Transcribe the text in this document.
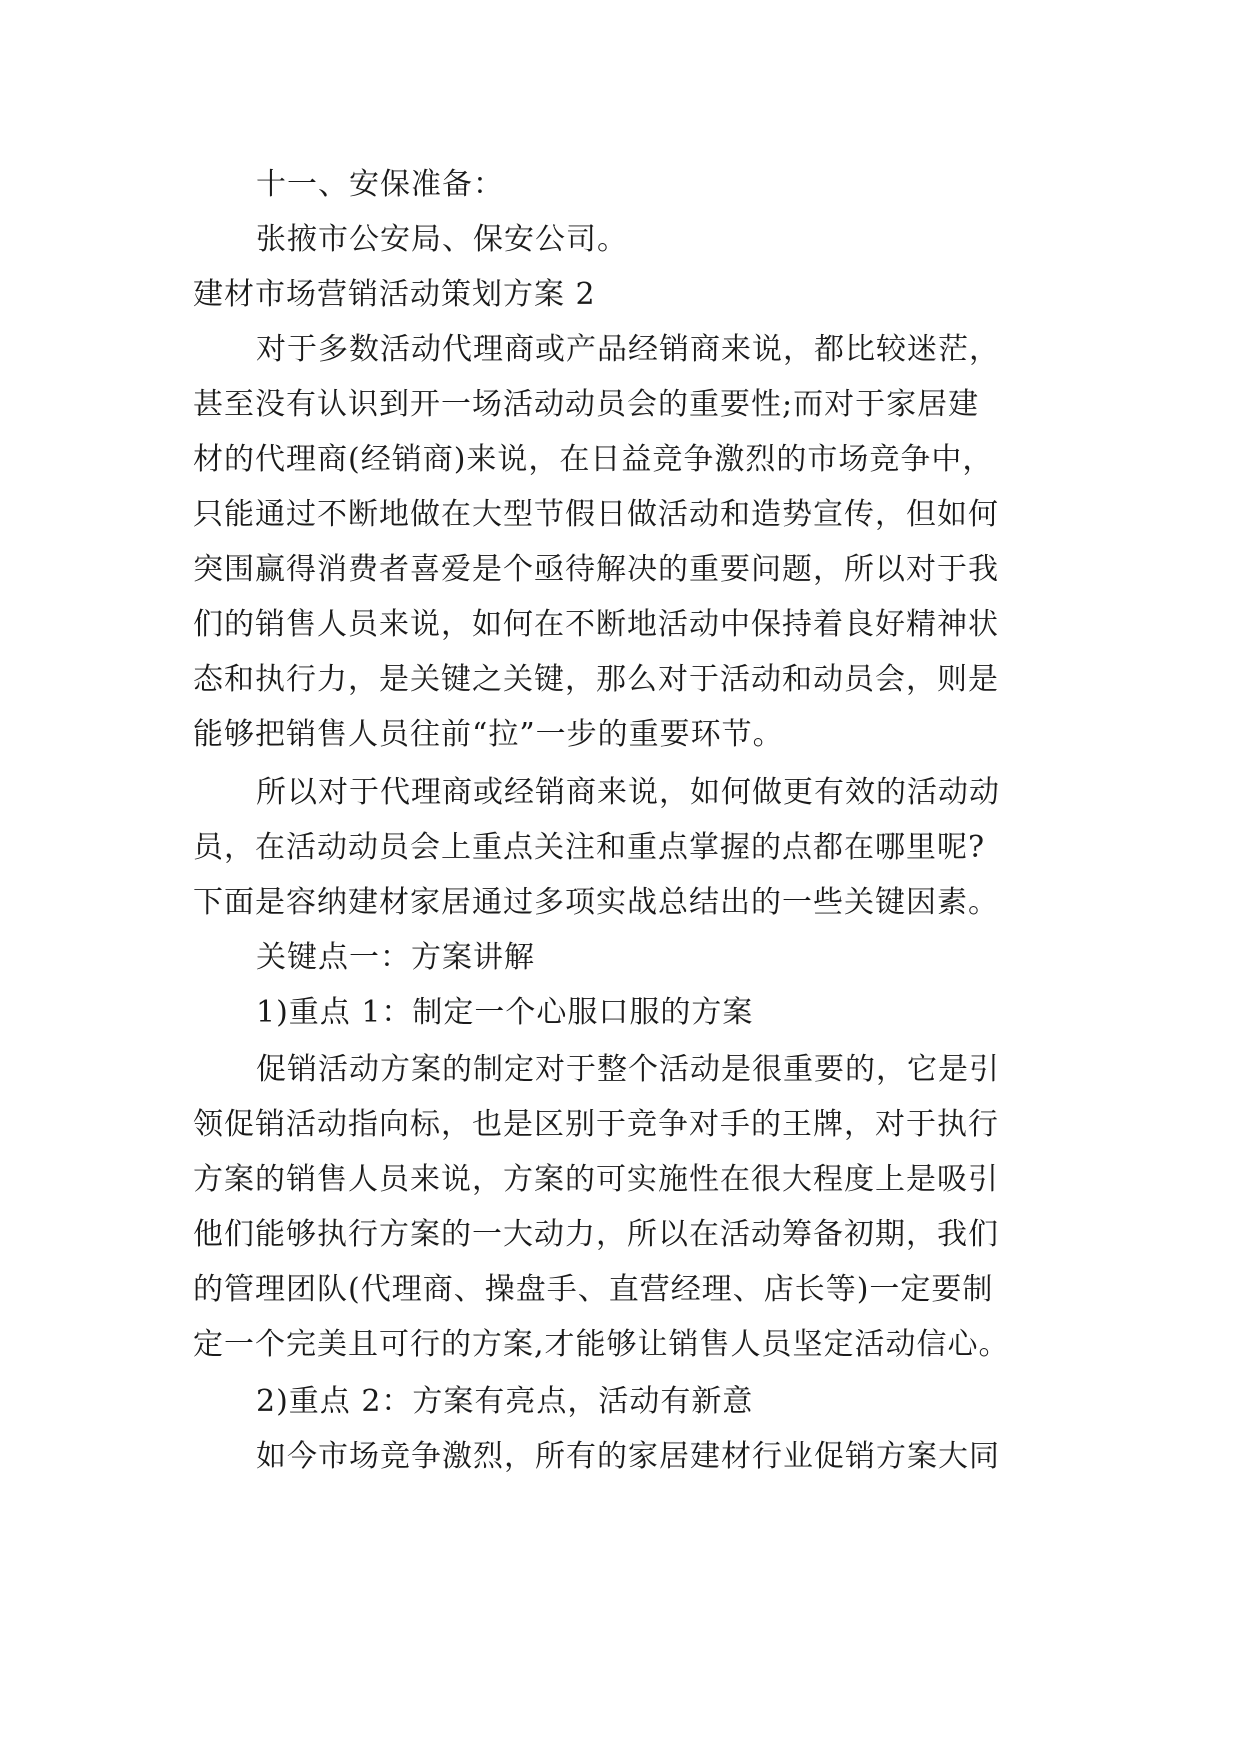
十一、安保准备：
张掖市公安局、保安公司。
建材市场营销活动策划方案 2
对于多数活动代理商或产品经销商来说，都比较迷茫，
甚至没有认识到开一场活动动员会的重要性;而对于家居建
材的代理商(经销商)来说，在日益竞争激烈的市场竞争中，
只能通过不断地做在大型节假日做活动和造势宣传，但如何
突围赢得消费者喜爱是个亟待解决的重要问题，所以对于我
们的销售人员来说，如何在不断地活动中保持着良好精神状
态和执行力，是关键之关键，那么对于活动和动员会，则是
能够把销售人员往前“拉”一步的重要环节。
所以对于代理商或经销商来说，如何做更有效的活动动
员，在活动动员会上重点关注和重点掌握的点都在哪里呢?
下面是容纳建材家居通过多项实战总结出的一些关键因素。
关键点一：方案讲解
1)重点 1：制定一个心服口服的方案
促销活动方案的制定对于整个活动是很重要的，它是引
领促销活动指向标，也是区别于竞争对手的王牌，对于执行
方案的销售人员来说，方案的可实施性在很大程度上是吸引
他们能够执行方案的一大动力，所以在活动筹备初期，我们
的管理团队(代理商、操盘手、直营经理、店长等)一定要制
定一个完美且可行的方案,才能够让销售人员坚定活动信心。
2)重点 2：方案有亮点，活动有新意
如今市场竞争激烈，所有的家居建材行业促销方案大同
